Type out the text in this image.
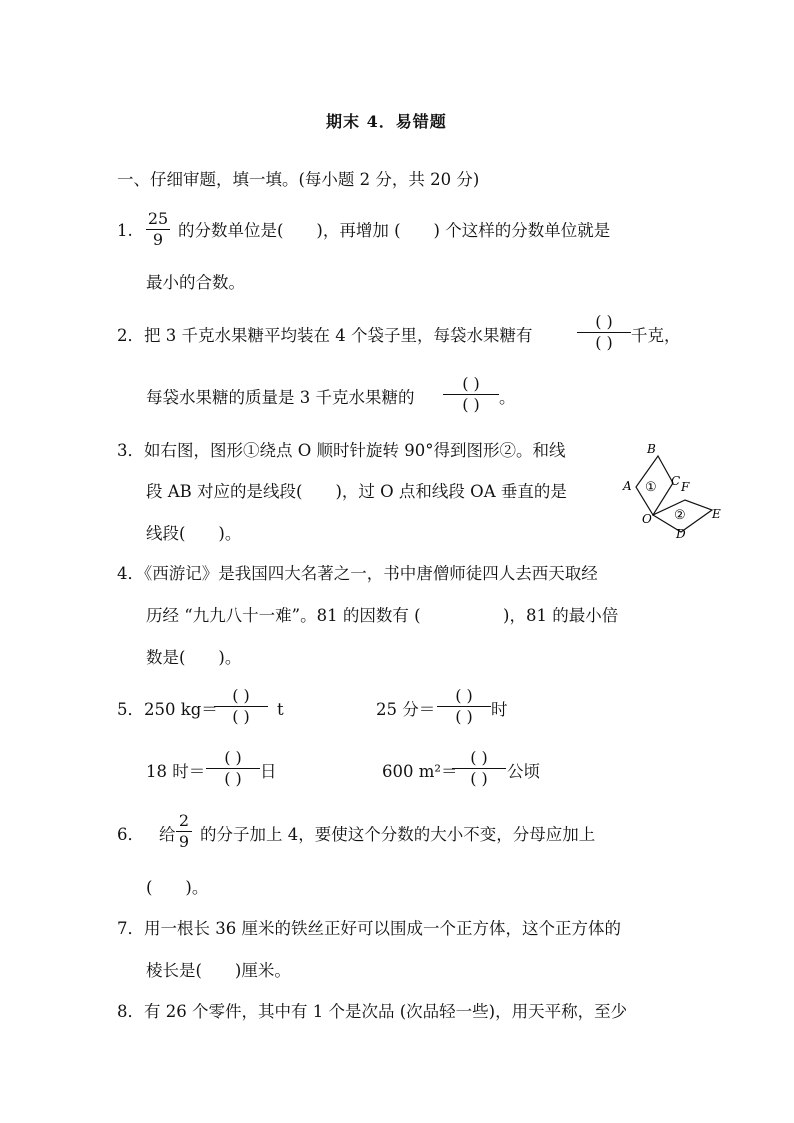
期末 4．易错题
一、仔细审题，填一填。(每小题 2 分，共 20 分)
1.
25
9 的分数单位是(　　)，再增加 (　　) 个这样的分数单位就是
最小的合数。
2．把 3 千克水果糖平均装在 4 个袋子里，每袋水果糖有
( )
( ) 千克，
每袋水果糖的质量是 3 千克水果糖的
( )
( ) 。
3．如右图，图形①绕点 O 顺时针旋转 90°得到图形②。和线
段 AB 对应的是线段(　　)，过 O 点和线段 OA 垂直的是
线段(　　)。
B
A	C F
E
O
D
①
②
4．《西游记》是我国四大名著之一，书中唐僧师徒四人去西天取经
历经 “九九八十一难”。81 的因数有 (　　　　　)，81 的最小倍
数是(　　)。
5．250 kg＝
( )
( ) t	25 分＝
( )
( ) 时
18 时＝
( )
( ) 日	600 m²＝
( )
( ) 公顷
6． 给
2
9 的分子加上 4，要使这个分数的大小不变，分母应加上
(　　)。
7．用一根长 36 厘米的铁丝正好可以围成一个正方体，这个正方体的
棱长是(　　)厘米。
8．有 26 个零件，其中有 1 个是次品 (次品轻一些)，用天平称，至少
